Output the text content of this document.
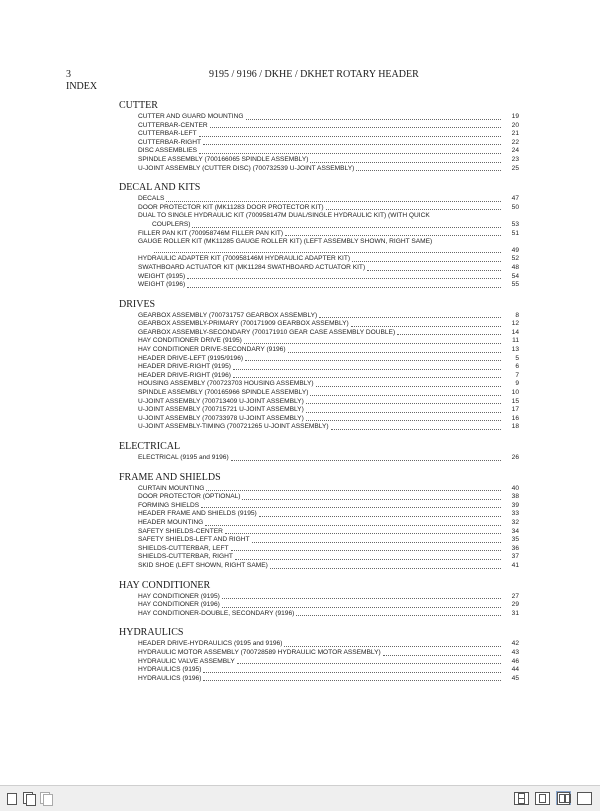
3	9195 / 9196 / DKHE / DKHET ROTARY HEADER
INDEX
CUTTER
CUTTER AND GUARD MOUNTING	19
CUTTERBAR-CENTER	20
CUTTERBAR-LEFT	21
CUTTERBAR-RIGHT	22
DISC ASSEMBLIES	24
SPINDLE ASSEMBLY (700166065 SPINDLE ASSEMBLY)	23
U-JOINT ASSEMBLY (CUTTER DISC) (700732539 U-JOINT ASSEMBLY)	25
DECAL AND KITS
DECALS	47
DOOR PROTECTOR KIT (MK11283 DOOR PROTECTOR KIT)	50
DUAL TO SINGLE HYDRAULIC KIT (700958147M DUAL/SINGLE HYDRAULIC KIT) (WITH QUICK
COUPLERS)	53
FILLER PAN KIT (700958746M FILLER PAN KIT)	51
GAUGE ROLLER KIT (MK11285 GAUGE ROLLER KIT) (LEFT ASSEMBLY SHOWN, RIGHT SAME)
49
HYDRAULIC ADAPTER KIT (700958146M HYDRAULIC ADAPTER KIT)	52
SWATHBOARD ACTUATOR KIT (MK11284 SWATHBOARD ACTUATOR KIT)	48
WEIGHT (9195)	54
WEIGHT (9196)	55
DRIVES
GEARBOX ASSEMBLY (700731757 GEARBOX ASSEMBLY)	8
GEARBOX ASSEMBLY-PRIMARY (700171909 GEARBOX ASSEMBLY)	12
GEARBOX ASSEMBLY-SECONDARY (700171910 GEAR CASE ASSEMBLY DOUBLE)	14
HAY CONDITIONER DRIVE (9195)	11
HAY CONDITIONER DRIVE-SECONDARY (9196)	13
HEADER DRIVE-LEFT (9195/9196)	5
HEADER DRIVE-RIGHT (9195)	6
HEADER DRIVE-RIGHT (9196)	7
HOUSING ASSEMBLY (700723703 HOUSING ASSEMBLY)	9
SPINDLE ASSEMBLY (700165966 SPINDLE ASSEMBLY)	10
U-JOINT ASSEMBLY (700713409 U-JOINT ASSEMBLY)	15
U-JOINT ASSEMBLY (700715721 U-JOINT ASSEMBLY)	17
U-JOINT ASSEMBLY (700733978 U-JOINT ASSEMBLY)	16
U-JOINT ASSEMBLY-TIMING (700721265 U-JOINT ASSEMBLY)	18
ELECTRICAL
ELECTRICAL (9195 and 9196)	26
FRAME AND SHIELDS
CURTAIN MOUNTING	40
DOOR PROTECTOR (OPTIONAL)	38
FORMING SHIELDS	39
HEADER FRAME AND SHIELDS (9195)	33
HEADER MOUNTING	32
SAFETY SHIELDS-CENTER	34
SAFETY SHIELDS-LEFT AND RIGHT	35
SHIELDS-CUTTERBAR, LEFT	36
SHIELDS-CUTTERBAR, RIGHT	37
SKID SHOE (LEFT SHOWN, RIGHT SAME)	41
HAY CONDITIONER
HAY CONDITIONER (9195)	27
HAY CONDITIONER (9196)	29
HAY CONDITIONER-DOUBLE, SECONDARY (9196)	31
HYDRAULICS
HEADER DRIVE-HYDRAULICS (9195 and 9196)	42
HYDRAULIC MOTOR ASSEMBLY (700728589 HYDRAULIC MOTOR ASSEMBLY)	43
HYDRAULIC VALVE ASSEMBLY	46
HYDRAULICS (9195)	44
HYDRAULICS (9196)	45
